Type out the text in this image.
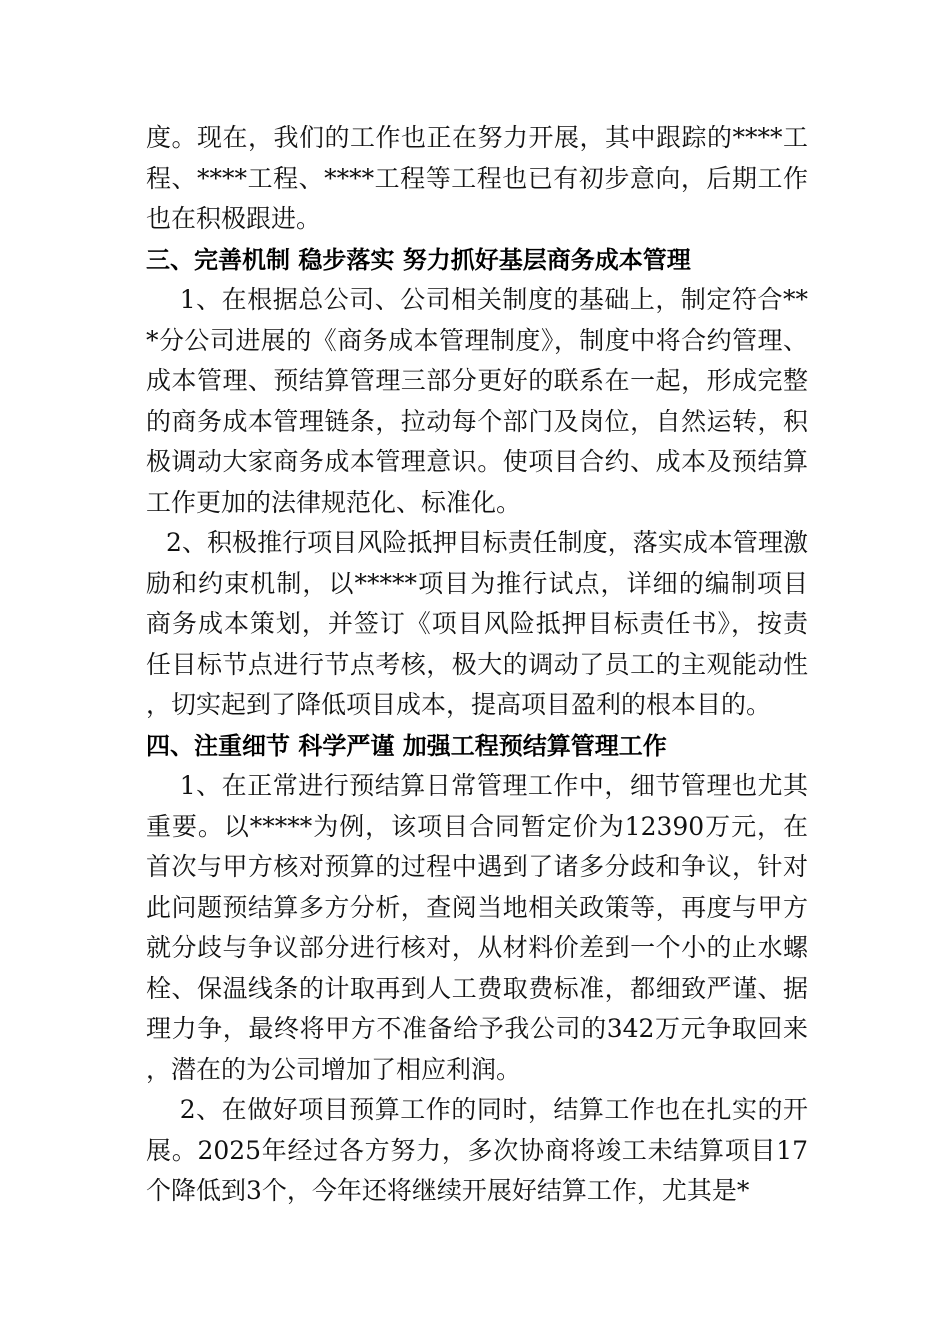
度。现在，我们的工作也正在努力开展，其中跟踪的****工程、****工程、****工程等工程也已有初步意向，后期工作也在积极跟进。

三、完善机制 稳步落实 努力抓好基层商务成本管理

1、在根据总公司、公司相关制度的基础上，制定符合***分公司进展的《商务成本管理制度》，制度中将合约管理、成本管理、预结算管理三部分更好的联系在一起，形成完整的商务成本管理链条，拉动每个部门及岗位，自然运转，积极调动大家商务成本管理意识。使项目合约、成本及预结算工作更加的法律规范化、标准化。

2、积极推行项目风险抵押目标责任制度，落实成本管理激励和约束机制，以*****项目为推行试点，详细的编制项目商务成本策划，并签订《项目风险抵押目标责任书》，按责任目标节点进行节点考核，极大的调动了员工的主观能动性，切实起到了降低项目成本，提高项目盈利的根本目的。

四、注重细节 科学严谨 加强工程预结算管理工作

1、在正常进行预结算日常管理工作中，细节管理也尤其重要。以*****为例，该项目合同暂定价为12390万元，在首次与甲方核对预算的过程中遇到了诸多分歧和争议，针对此问题预结算多方分析，查阅当地相关政策等，再度与甲方就分歧与争议部分进行核对，从材料价差到一个小的止水螺栓、保温线条的计取再到人工费取费标准，都细致严谨、据理力争，最终将甲方不准备给予我公司的342万元争取回来，潜在的为公司增加了相应利润。

2、在做好项目预算工作的同时，结算工作也在扎实的开展。2025年经过各方努力，多次协商将竣工未结算项目17个降低到3个，今年还将继续开展好结算工作，尤其是*
